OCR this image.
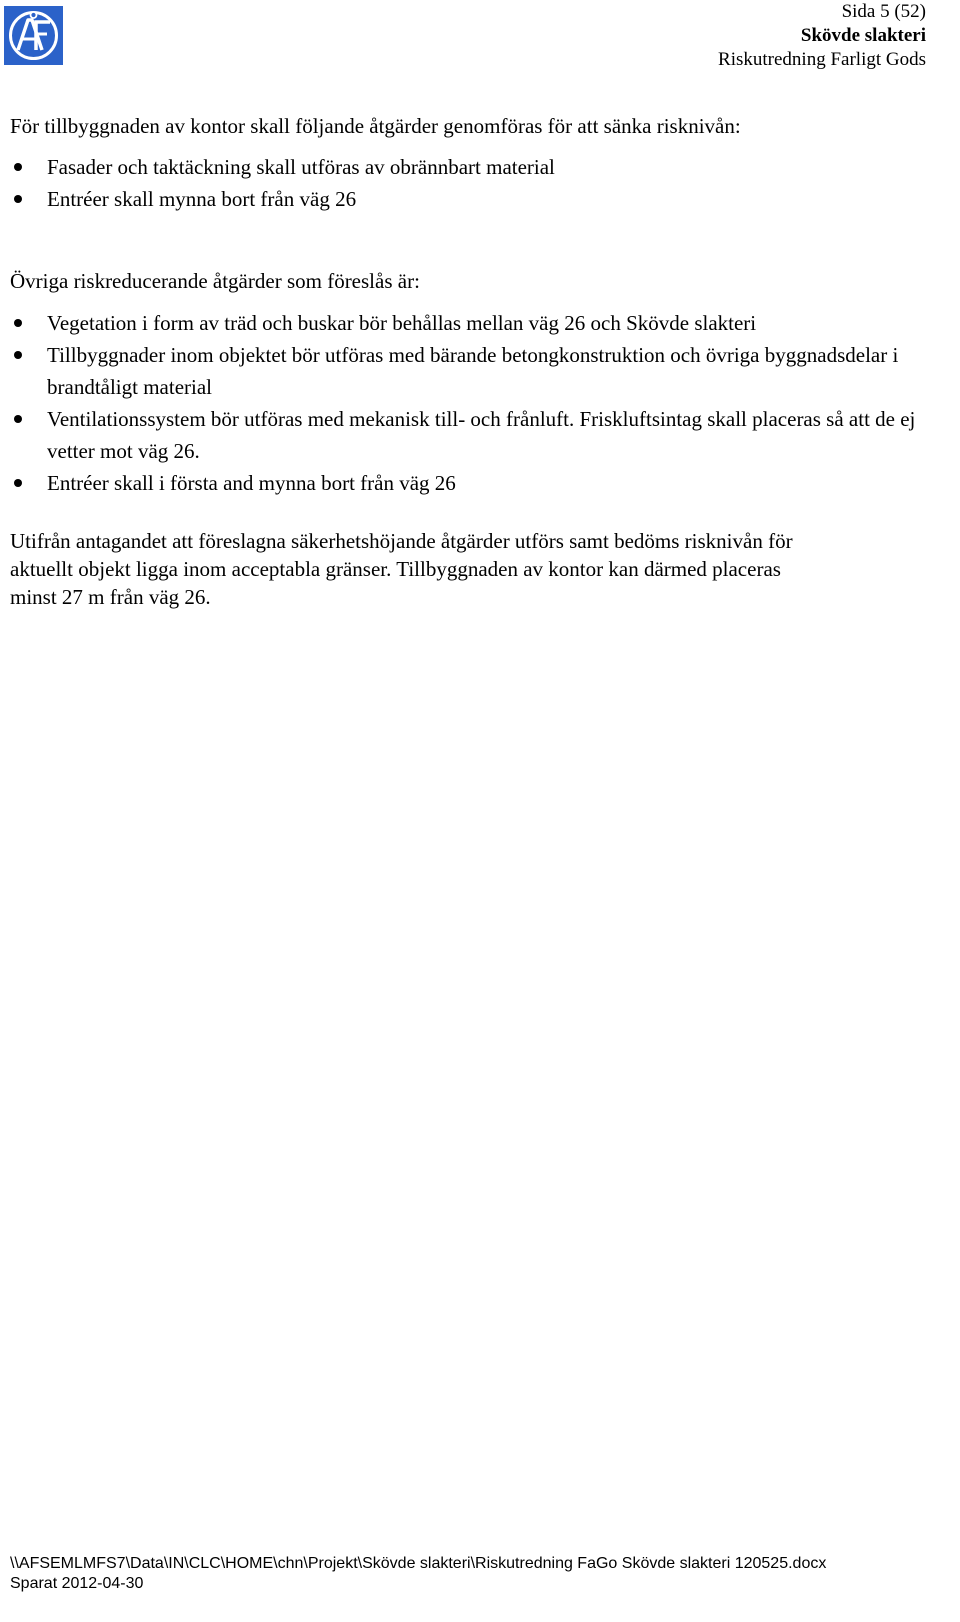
Sida 5 (52)
Skövde slakteri
Riskutredning Farligt Gods
För tillbyggnaden av kontor skall följande åtgärder genomföras för att sänka risknivån:
Fasader och taktäckning skall utföras av obrännbart material
Entréer skall mynna bort från väg 26
Övriga riskreducerande åtgärder som föreslås är:
Vegetation i form av träd och buskar bör behållas mellan väg 26 och Skövde slakteri
Tillbyggnader inom objektet bör utföras med bärande betongkonstruktion och övriga byggnadsdelar i brandtåligt material
Ventilationssystem bör utföras med mekanisk till- och frånluft. Friskluftsintag skall placeras så att de ej vetter mot väg 26.
Entréer skall i första and mynna bort från väg 26
Utifrån antagandet att föreslagna säkerhetshöjande åtgärder utförs samt bedöms risknivån för
aktuellt objekt ligga inom acceptabla gränser. Tillbyggnaden av kontor kan därmed placeras
minst 27 m från väg 26.
\\AFSEMLMFS7\Data\IN\CLC\HOME\chn\Projekt\Skövde slakteri\Riskutredning FaGo Skövde slakteri 120525.docx
Sparat 2012-04-30
